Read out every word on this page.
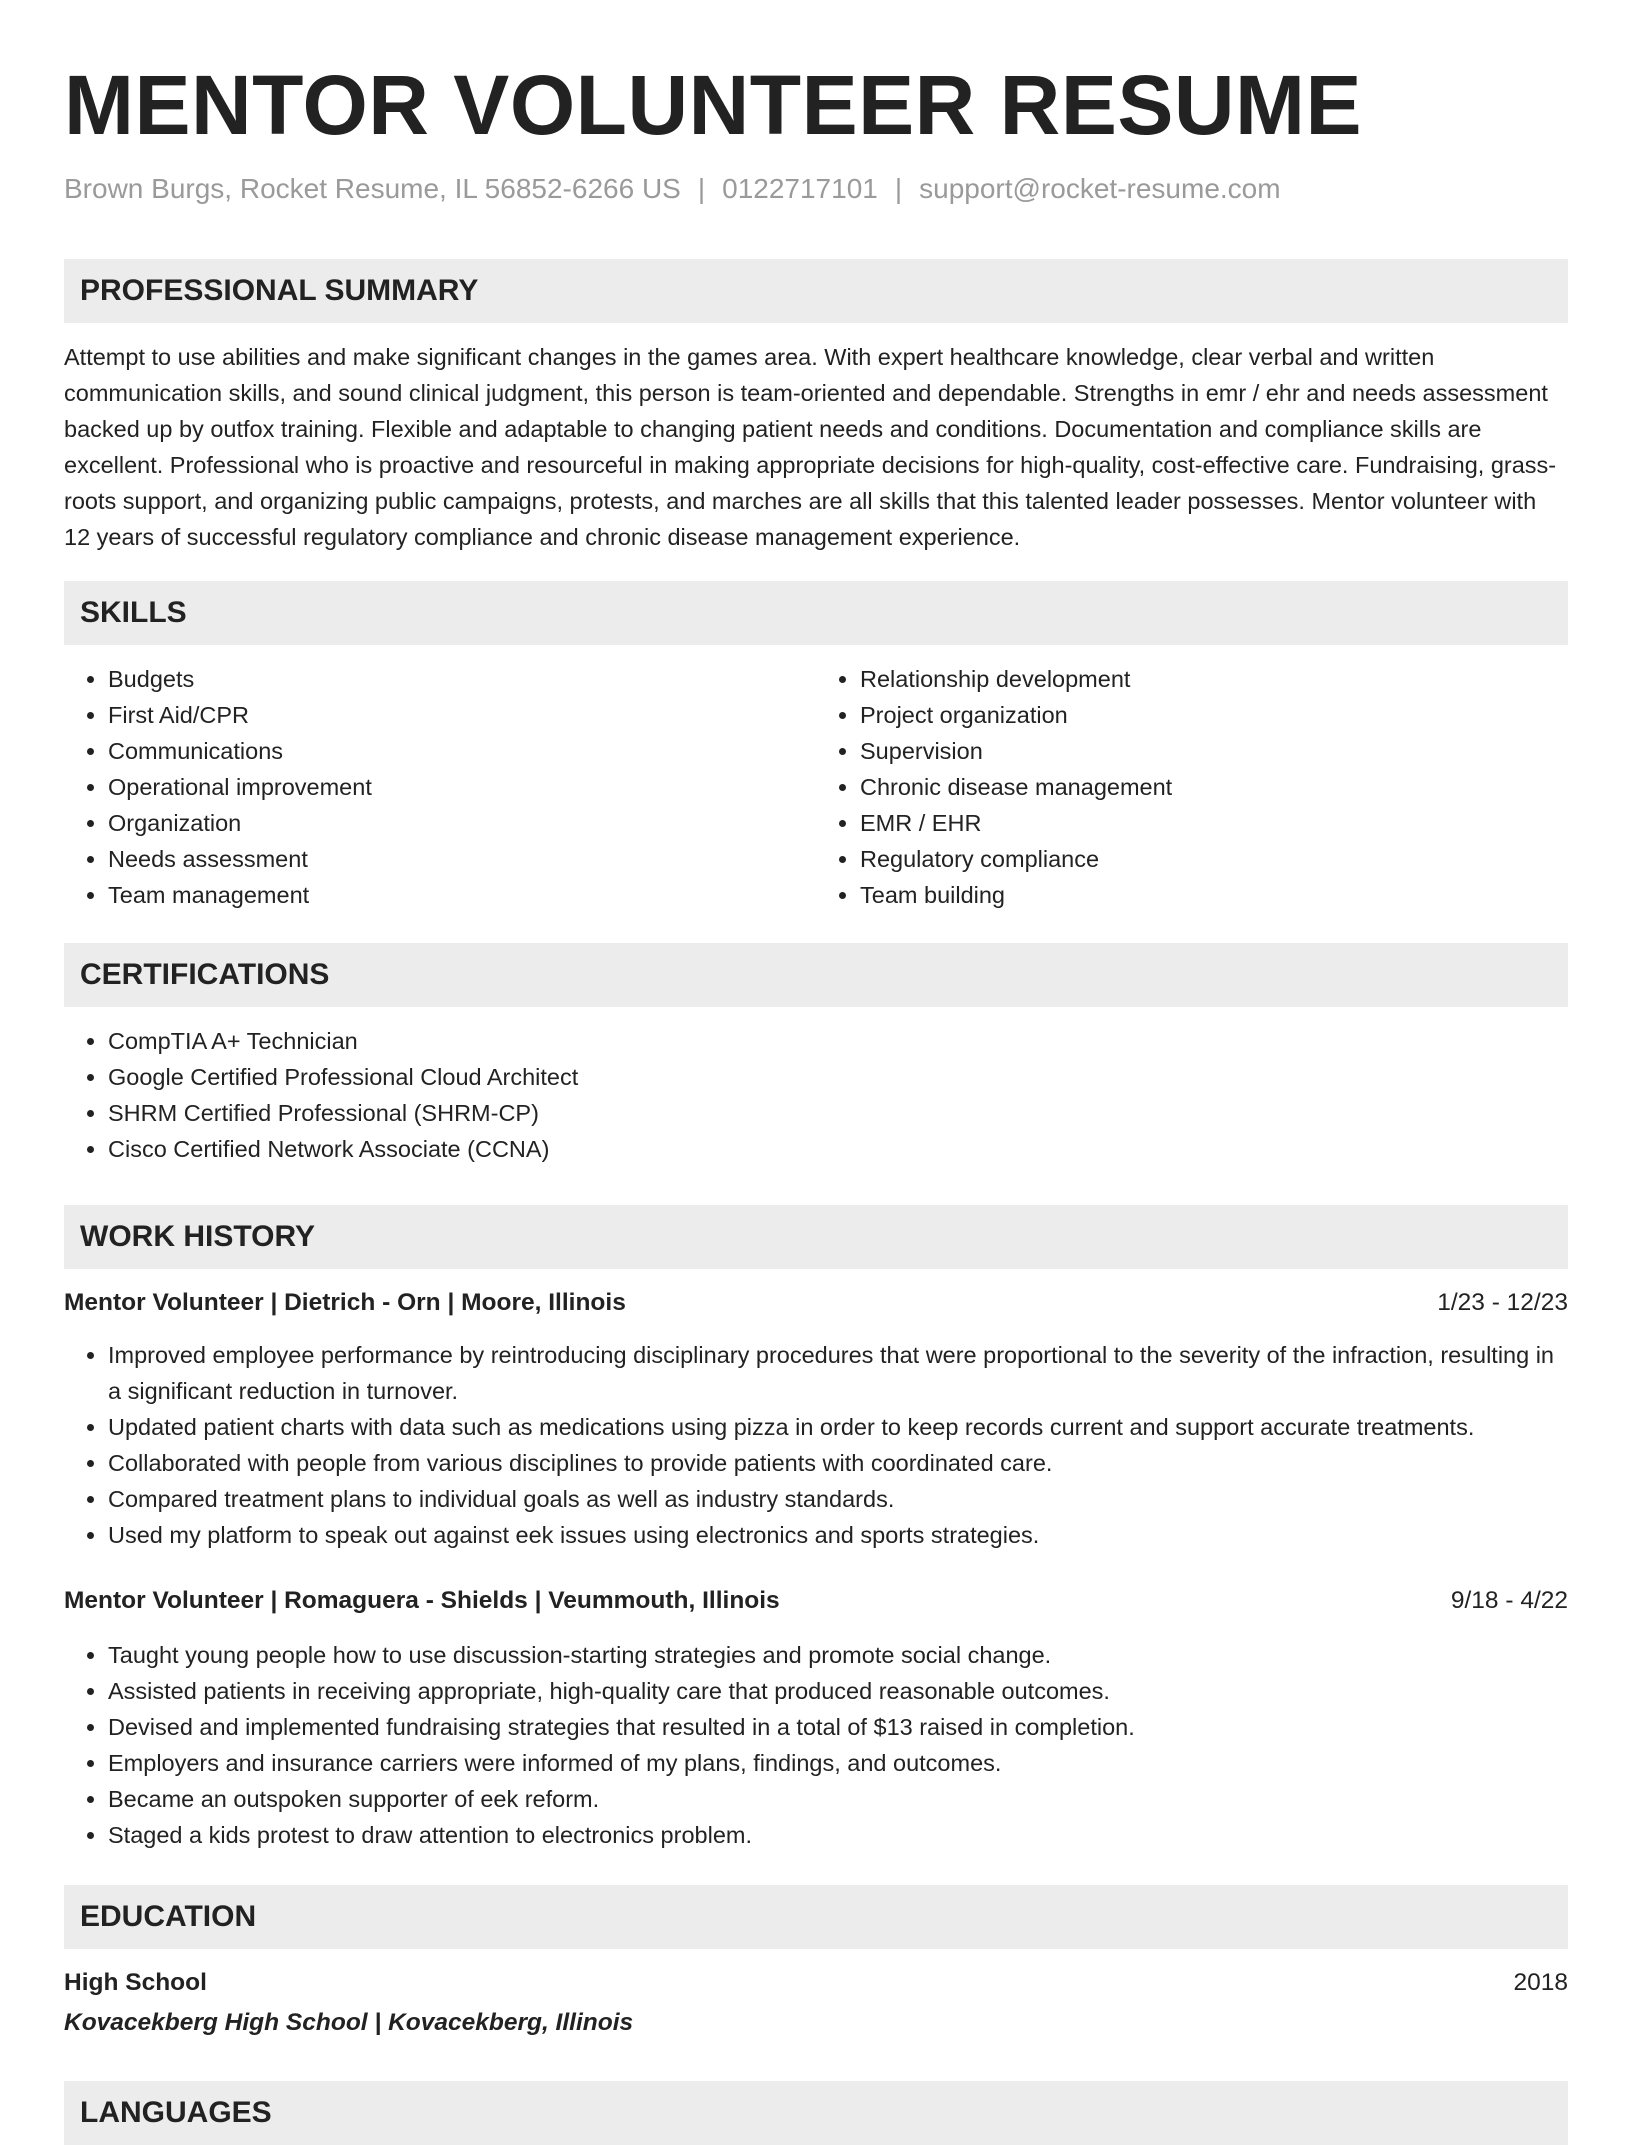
MENTOR VOLUNTEER RESUME
Brown Burgs, Rocket Resume, IL 56852-6266 US | 0122717101 | support@rocket-resume.com
PROFESSIONAL SUMMARY

Attempt to use abilities and make significant changes in the games area. With expert healthcare knowledge, clear verbal and written communication skills, and sound clinical judgment, this person is team-oriented and dependable. Strengths in emr / ehr and needs assessment backed up by outfox training. Flexible and adaptable to changing patient needs and conditions. Documentation and compliance skills are excellent. Professional who is proactive and resourceful in making appropriate decisions for high-quality, cost-effective care. Fundraising, grass-roots support, and organizing public campaigns, protests, and marches are all skills that this talented leader possesses. Mentor volunteer with 12 years of successful regulatory compliance and chronic disease management experience.

SKILLS
• Budgets
• First Aid/CPR
• Communications
• Operational improvement
• Organization
• Needs assessment
• Team management
• Relationship development
• Project organization
• Supervision
• Chronic disease management
• EMR / EHR
• Regulatory compliance
• Team building
CERTIFICATIONS
• CompTIA A+ Technician
• Google Certified Professional Cloud Architect
• SHRM Certified Professional (SHRM-CP)
• Cisco Certified Network Associate (CCNA)
WORK HISTORY
Mentor Volunteer | Dietrich - Orn | Moore, Illinois	1/23 - 12/23
• Improved employee performance by reintroducing disciplinary procedures that were proportional to the severity of the infraction, resulting in a significant reduction in turnover.
• Updated patient charts with data such as medications using pizza in order to keep records current and support accurate treatments.
• Collaborated with people from various disciplines to provide patients with coordinated care.
• Compared treatment plans to individual goals as well as industry standards.
• Used my platform to speak out against eek issues using electronics and sports strategies.
Mentor Volunteer | Romaguera - Shields | Veummouth, Illinois	9/18 - 4/22
• Taught young people how to use discussion-starting strategies and promote social change.
• Assisted patients in receiving appropriate, high-quality care that produced reasonable outcomes.
• Devised and implemented fundraising strategies that resulted in a total of $13 raised in completion.
• Employers and insurance carriers were informed of my plans, findings, and outcomes.
• Became an outspoken supporter of eek reform.
• Staged a kids protest to draw attention to electronics problem.
EDUCATION
High School	2018
Kovacekberg High School | Kovacekberg, Illinois
LANGUAGES
